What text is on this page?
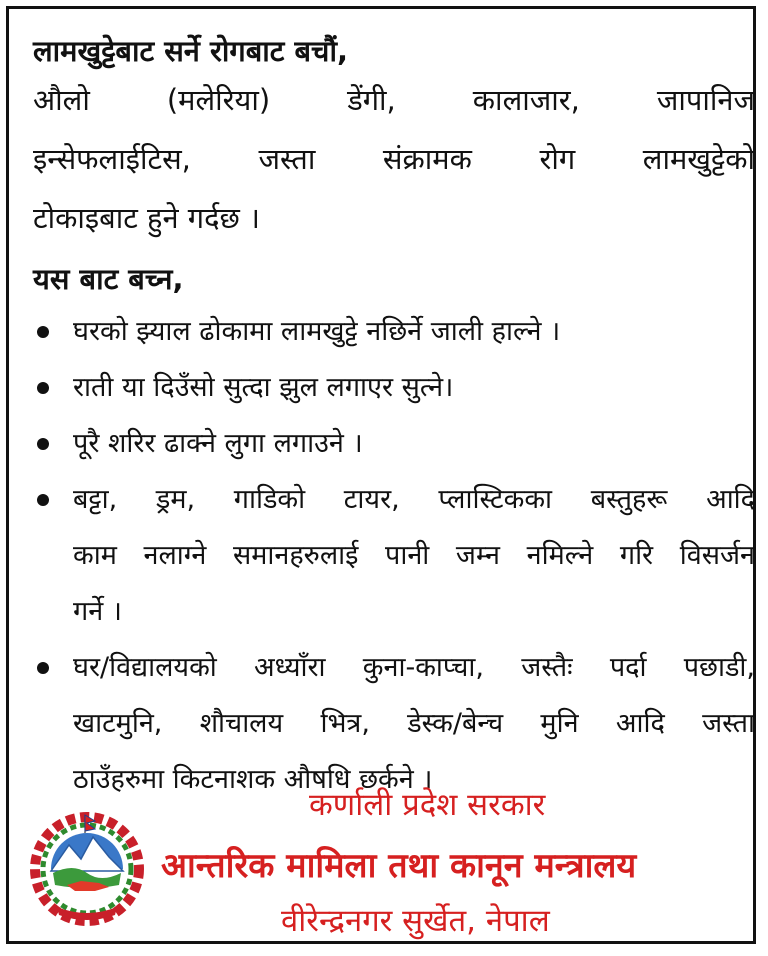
लामखुट्टेबाट सर्ने रोगबाट बचौं,

औलो (मलेरिया) डेंगी, कालाजार, जापानिज
इन्सेफलाईटिस, जस्ता संक्रामक रोग लामखुट्टेको
टोकाइबाट हुने गर्दछ ।

यस बाट बच्न,
घरको झ्याल ढोकामा लामखुट्टे नछिर्ने जाली हाल्ने ।
राती या दिउँसो सुत्दा झुल लगाएर सुत्ने।
पूरै शरिर ढाक्ने लुगा लगाउने ।
बट्टा, ड्रम, गाडिको टायर, प्लास्टिकका बस्तुहरू आदि
काम नलाग्ने समानहरुलाई पानी जम्न नमिल्ने गरि विसर्जन
गर्ने ।
घर/विद्यालयको अध्याँरा कुना-काप्चा, जस्तैः पर्दा पछाडी,
खाटमुनि, शौचालय भित्र, डेस्क/बेन्च मुनि आदि जस्ता
ठाउँहरुमा किटनाशक औषधि छर्कने ।
कर्णाली प्रदेश सरकार
आन्तरिक मामिला तथा कानून मन्त्रालय
वीरेन्द्रनगर सुर्खेत, नेपाल
